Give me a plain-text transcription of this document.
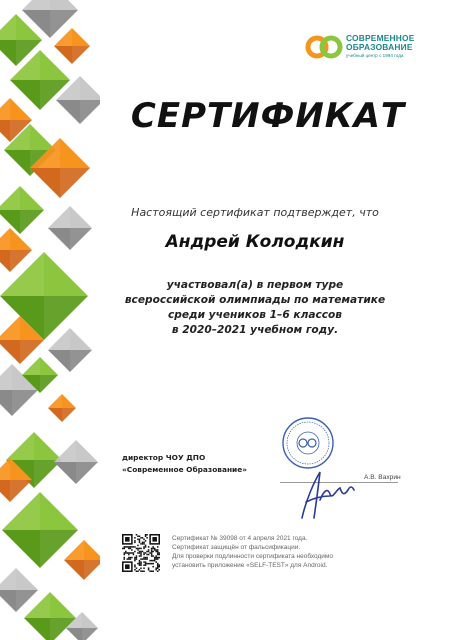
СОВРЕМЕННОЕ
ОБРАЗОВАНИЕ
учебный центр с 1994 года
СЕРТИФИКАТ
Настоящий сертификат подтверждет, что
Андрей Колодкин
участвовал(а) в первом туре
всероссийской олимпиады по математике
среди учеников 1–6 классов
в 2020–2021 учебном году.
директор ЧОУ ДПО
«Современное Образование»
А.В. Вахрин
Сертификат № 39098 от 4 апреля 2021 года.
Сертификат защищён от фальсификации.
Для проверки подлинности сертификата необходимо
установить приложение «SELF-TEST» для Android.
